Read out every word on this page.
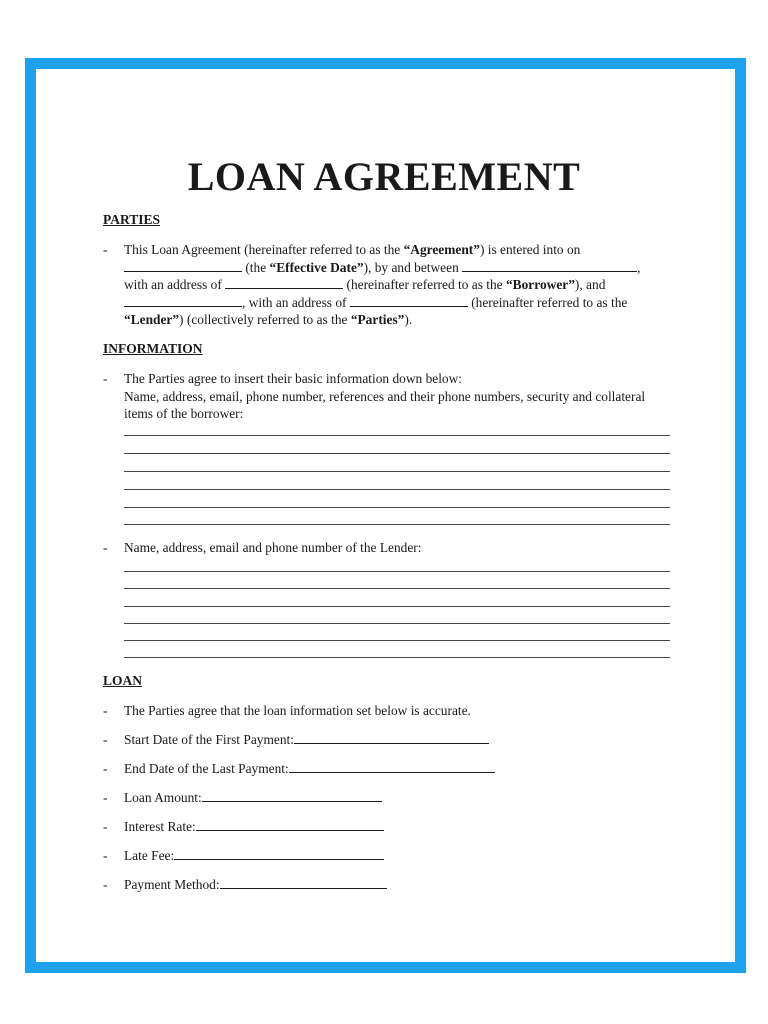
LOAN AGREEMENT
PARTIES
- This Loan Agreement (hereinafter referred to as the “Agreement”) is entered into on
(the “Effective Date”), by and between	,
with an address of	(hereinafter referred to as the “Borrower”), and
, with an address of	(hereinafter referred to as the
“Lender”) (collectively referred to as the “Parties”).
INFORMATION
- The Parties agree to insert their basic information down below:
Name, address, email, phone number, references and their phone numbers, security and collateral items of the borrower:
- Name, address, email and phone number of the Lender:
LOAN
- The Parties agree that the loan information set below is accurate.
- Start Date of the First Payment:
- End Date of the Last Payment:
- Loan Amount:
- Interest Rate:
- Late Fee:
- Payment Method:
